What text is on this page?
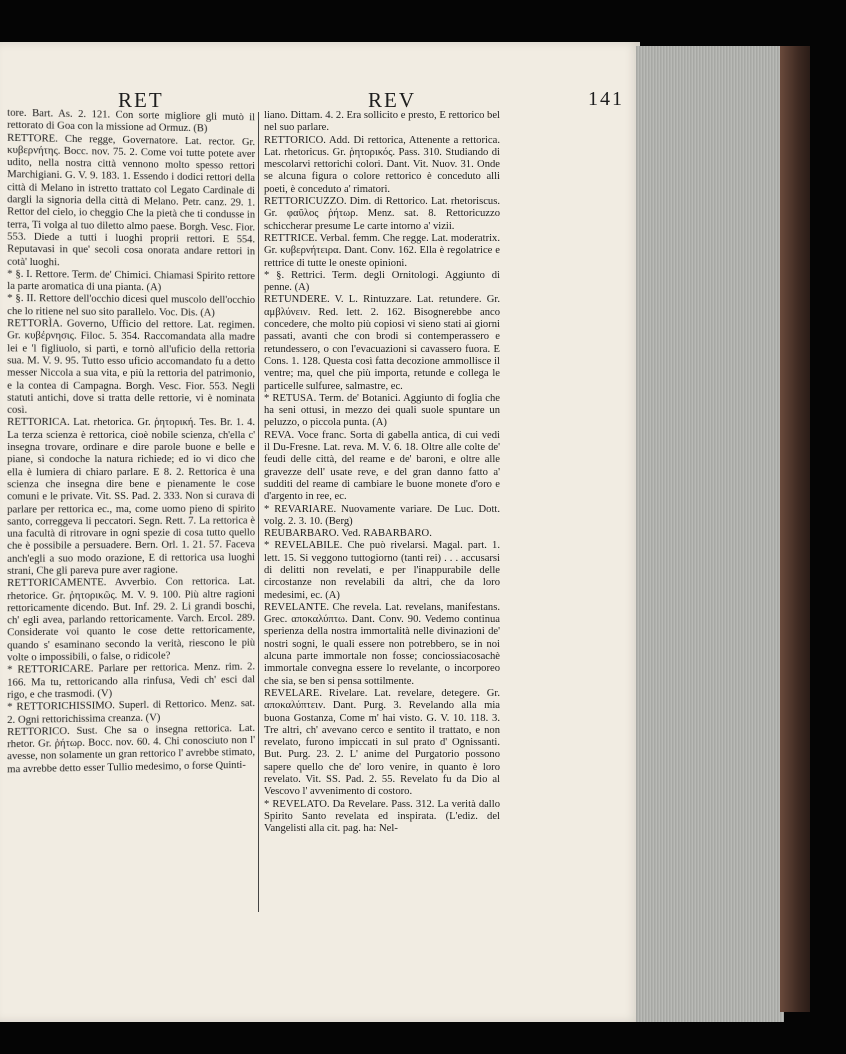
RET	REV	141

tore. Bart. As. 2. 121. Con sorte migliore gli mutò il rettorato di Goa con la missione ad Ormuz. (B)

RETTORE. Che regge, Governatore. Lat. rector. Gr. κυβερνήτης. Bocc. nov. 75. 2. Come voi tutte potete aver udito, nella nostra città vennono molto spesso rettori Marchigiani. G. V. 9. 183. 1. Essendo i dodici rettori della città di Melano in istretto trattato col Legato Cardinale di dargli la signoria della città di Melano. Petr. canz. 29. 1. Rettor del cielo, io cheggio Che la pietà che ti condusse in terra, Ti volga al tuo diletto almo paese. Borgh. Vesc. Fior. 553. Diede a tutti i luoghi proprii rettori. E 554. Reputavasi in que' secoli cosa onorata andare rettori in cotà' luoghi.

* §. I. Rettore. Term. de' Chimici. Chiamasi Spirito rettore la parte aromatica di una pianta. (A)

* §. II. Rettore dell'occhio dicesi quel muscolo dell'occhio che lo ritiene nel suo sito parallelo. Voc. Dis. (A)

RETTORÌA. Governo, Ufficio del rettore. Lat. regimen. Gr. κυβέρνησις. Filoc. 5. 354. Raccomandata alla madre lei e 'l figliuolo, si partì, e tornò all'uficio della rettoria sua. M. V. 9. 95. Tutto esso uficio accomandato fu a detto messer Niccola a sua vita, e più la rettoria del patrimonio, e la contea di Campagna. Borgh. Vesc. Fior. 553. Negli statuti antichi, dove si tratta delle rettorie, vi è nominata così.

RETTORICA. Lat. rhetorica. Gr. ῥητορική. Tes. Br. 1. 4. La terza scienza è rettorica, cioè nobile scienza, ch'ella c' insegna trovare, ordinare e dire parole buone e belle e piane, sì condoche la natura richiede; ed io vi dico che ella è lumiera di chiaro parlare. E 8. 2. Rettorica è una scienza che insegna dire bene e pienamente le cose comuni e le private. Vit. SS. Pad. 2. 333. Non si curava di parlare per rettorica ec., ma, come uomo pieno di spirito santo, correggeva li peccatori. Segn. Rett. 7. La rettorica è una facultà di ritrovare in ogni spezie di cosa tutto quello che è possibile a persuadere. Bern. Orl. 1. 21. 57. Faceva anch'egli a suo modo orazione, E di rettorica usa luoghi strani, Che gli pareva pure aver ragione.

RETTORICAMENTE. Avverbio. Con rettorica. Lat. rhetorice. Gr. ῥητορικῶς. M. V. 9. 100. Più altre ragioni rettoricamente dicendo. But. Inf. 29. 2. Li grandi boschi, ch' egli avea, parlando rettoricamente. Varch. Ercol. 289. Considerate voi quanto le cose dette rettoricamente, quando s' esaminano secondo la verità, riescono le più volte o impossibili, o false, o ridicole?

* RETTORICARE. Parlare per rettorica. Menz. rim. 2. 166. Ma tu, rettoricando alla rinfusa, Vedi ch' esci dal rigo, e che trasmodi. (V)

* RETTORICHISSIMO. Superl. di Rettorico. Menz. sat. 2. Ogni rettorichissima creanza. (V)

RETTORICO. Sust. Che sa o insegna rettorica. Lat. rhetor. Gr. ῥήτωρ. Bocc. nov. 60. 4. Chi conosciuto non l' avesse, non solamente un gran rettorico l' avrebbe stimato, ma avrebbe detto esser Tullio medesimo, o forse Quinti-

liano. Dittam. 4. 2. Era sollicito e presto, E rettorico bel nel suo parlare.

RETTORICO. Add. Di rettorica, Attenente a rettorica. Lat. rhetoricus. Gr. ῥητορικός. Pass. 310. Studiando di mescolarvi rettorichi colori. Dant. Vit. Nuov. 31. Onde se alcuna figura o colore rettorico è conceduto alli poeti, è conceduto a' rimatori.

RETTORICUZZO. Dim. di Rettorico. Lat. rhetoriscus. Gr. φαῦλος ῥήτωρ. Menz. sat. 8. Rettoricuzzo schiccherar presume Le carte intorno a' vizii.

RETTRICE. Verbal. femm. Che regge. Lat. moderatrix. Gr. κυβερνήτειρα. Dant. Conv. 162. Ella è regolatrice e rettrice di tutte le oneste opinioni.

* §. Rettrici. Term. degli Ornitologi. Aggiunto di penne. (A)

RETUNDERE. V. L. Rintuzzare. Lat. retundere. Gr. αμβλύνειν. Red. lett. 2. 162. Bisognerebbe anco concedere, che molto più copiosi vi sieno stati ai giorni passati, avanti che con brodi si contemperassero e retundessero, o con l'evacuazioni si cavassero fuora. E Cons. 1. 128. Questa così fatta decozione ammollisce il ventre; ma, quel che più importa, retunde e collega le particelle sulfuree, salmastre, ec.

* RETUSA. Term. de' Botanici. Aggiunto di foglia che ha seni ottusi, in mezzo dei quali suole spuntare un peluzzo, o piccola punta. (A)

REVA. Voce franc. Sorta di gabella antica, di cui vedi il Du-Fresne. Lat. reva. M. V. 6. 18. Oltre alle colte de' feudi delle città, del reame e de' baroni, e oltre alle gravezze dell' usate reve, e del gran danno fatto a' sudditi del reame di cambiare le buone monete d'oro e d'argento in ree, ec.

* REVARIARE. Nuovamente variare. De Luc. Dott. volg. 2. 3. 10. (Berg)

REUBARBARO. Ved. RABARBARO.

* REVELABILE. Che può rivelarsi. Magal. part. 1. lett. 15. Si veggono tuttogiorno (tanti rei) . . . accusarsi di delitti non revelati, e per l'inappurabile delle circostanze non revelabili da altri, che da loro medesimi, ec. (A)

REVELANTE. Che revela. Lat. revelans, manifestans. Grec. αποκαλύπτω. Dant. Conv. 90. Vedemo continua sperienza della nostra immortalità nelle divinazioni de' nostri sogni, le quali essere non potrebbero, se in noi alcuna parte immortale non fosse; conciossiacosachè immortale convegna essere lo revelante, o incorporeo che sia, se ben si pensa sottilmente.

REVELARE. Rivelare. Lat. revelare, detegere. Gr. αποκαλύπτειν. Dant. Purg. 3. Revelando alla mia buona Gostanza, Come m' hai visto. G. V. 10. 118. 3. Tre altri, ch' avevano cerco e sentito il trattato, e non revelato, furono impiccati in sul prato d' Ognissanti. But. Purg. 23. 2. L' anime del Purgatorio possono sapere quello che de' loro venire, in quanto è loro revelato. Vit. SS. Pad. 2. 55. Revelato fu da Dio al Vescovo l' avvenimento di costoro.

* REVELATO. Da Revelare. Pass. 312. La verità dallo Spirito Santo revelata ed inspirata. (L'ediz. del Vangelisti alla cit. pag. ha: Nel-
